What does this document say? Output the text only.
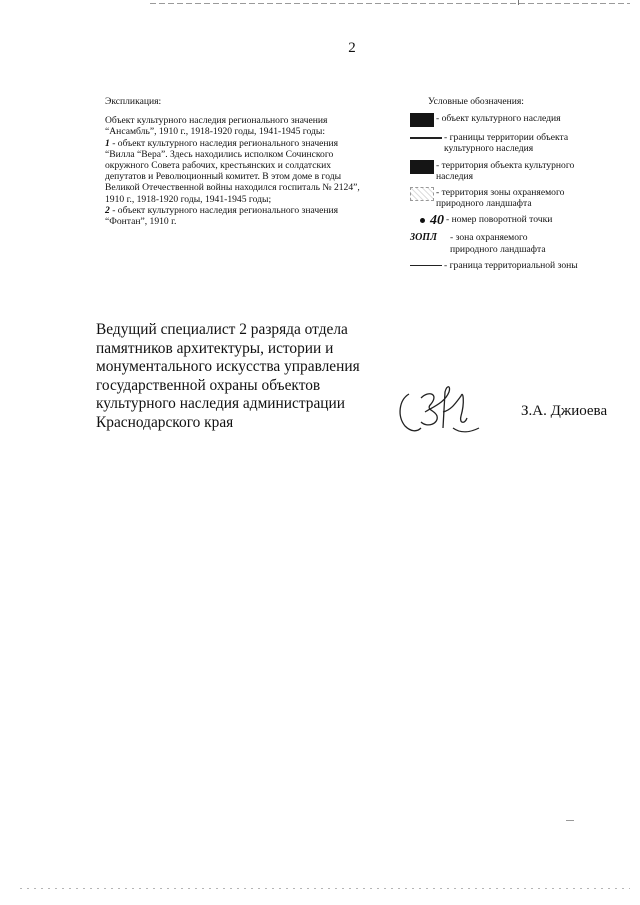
2
Экспликация:

Объект культурного наследия регионального значения

“Ансамбль”, 1910 г., 1918-1920 годы, 1941-1945 годы:

1 - объект культурного наследия регионального значения

“Вилла “Вера”. Здесь находились исполком Сочинского

окружного Совета рабочих, крестьянских и солдатских

депутатов и Революционный комитет. В этом доме в годы

Великой Отечественной войны находился госпиталь № 2124”,

1910 г., 1918-1920 годы, 1941-1945 годы;

2 - объект культурного наследия регионального значения

“Фонтан”, 1910 г.

Условные обозначения:
- объект культурного наследия
- границы территории объекта
культурного наследия
- территория объекта культурного
наследия
- территория зоны охраняемого
природного ландшафта
40 - номер поворотной точки
ЗОПЛ	- зона охраняемого
природного ландшафта
- граница территориальной зоны
Ведущий специалист 2 разряда отдела
памятников архитектуры, истории и
монументального искусства управления
государственной охраны объектов
культурного наследия администрации
Краснодарского края
З.А. Джиоева
